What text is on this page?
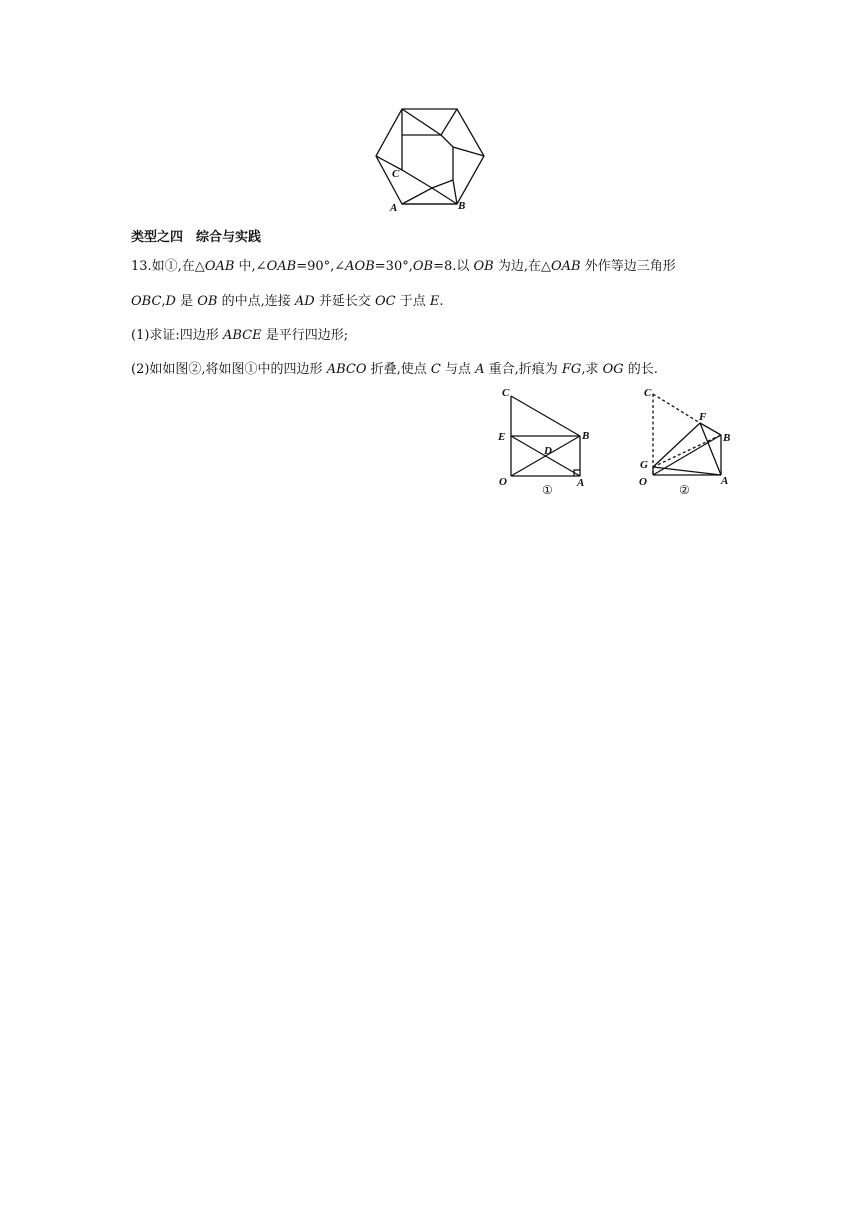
C
A	B
类型之四　综合与实践
13.如①,在△OAB 中,∠OAB=90°,∠AOB=30°,OB=8.以 OB 为边,在△OAB 外作等边三角形
OBC,D 是 OB 的中点,连接 AD 并延长交 OC 于点 E.
(1)求证:四边形 ABCE 是平行四边形;
(2)如如图②,将如图①中的四边形 ABCO 折叠,使点 C 与点 A 重合,折痕为 FG,求 OG 的长.
C
E
D
B
O	A
①
C
F
B
G
O	A
②
